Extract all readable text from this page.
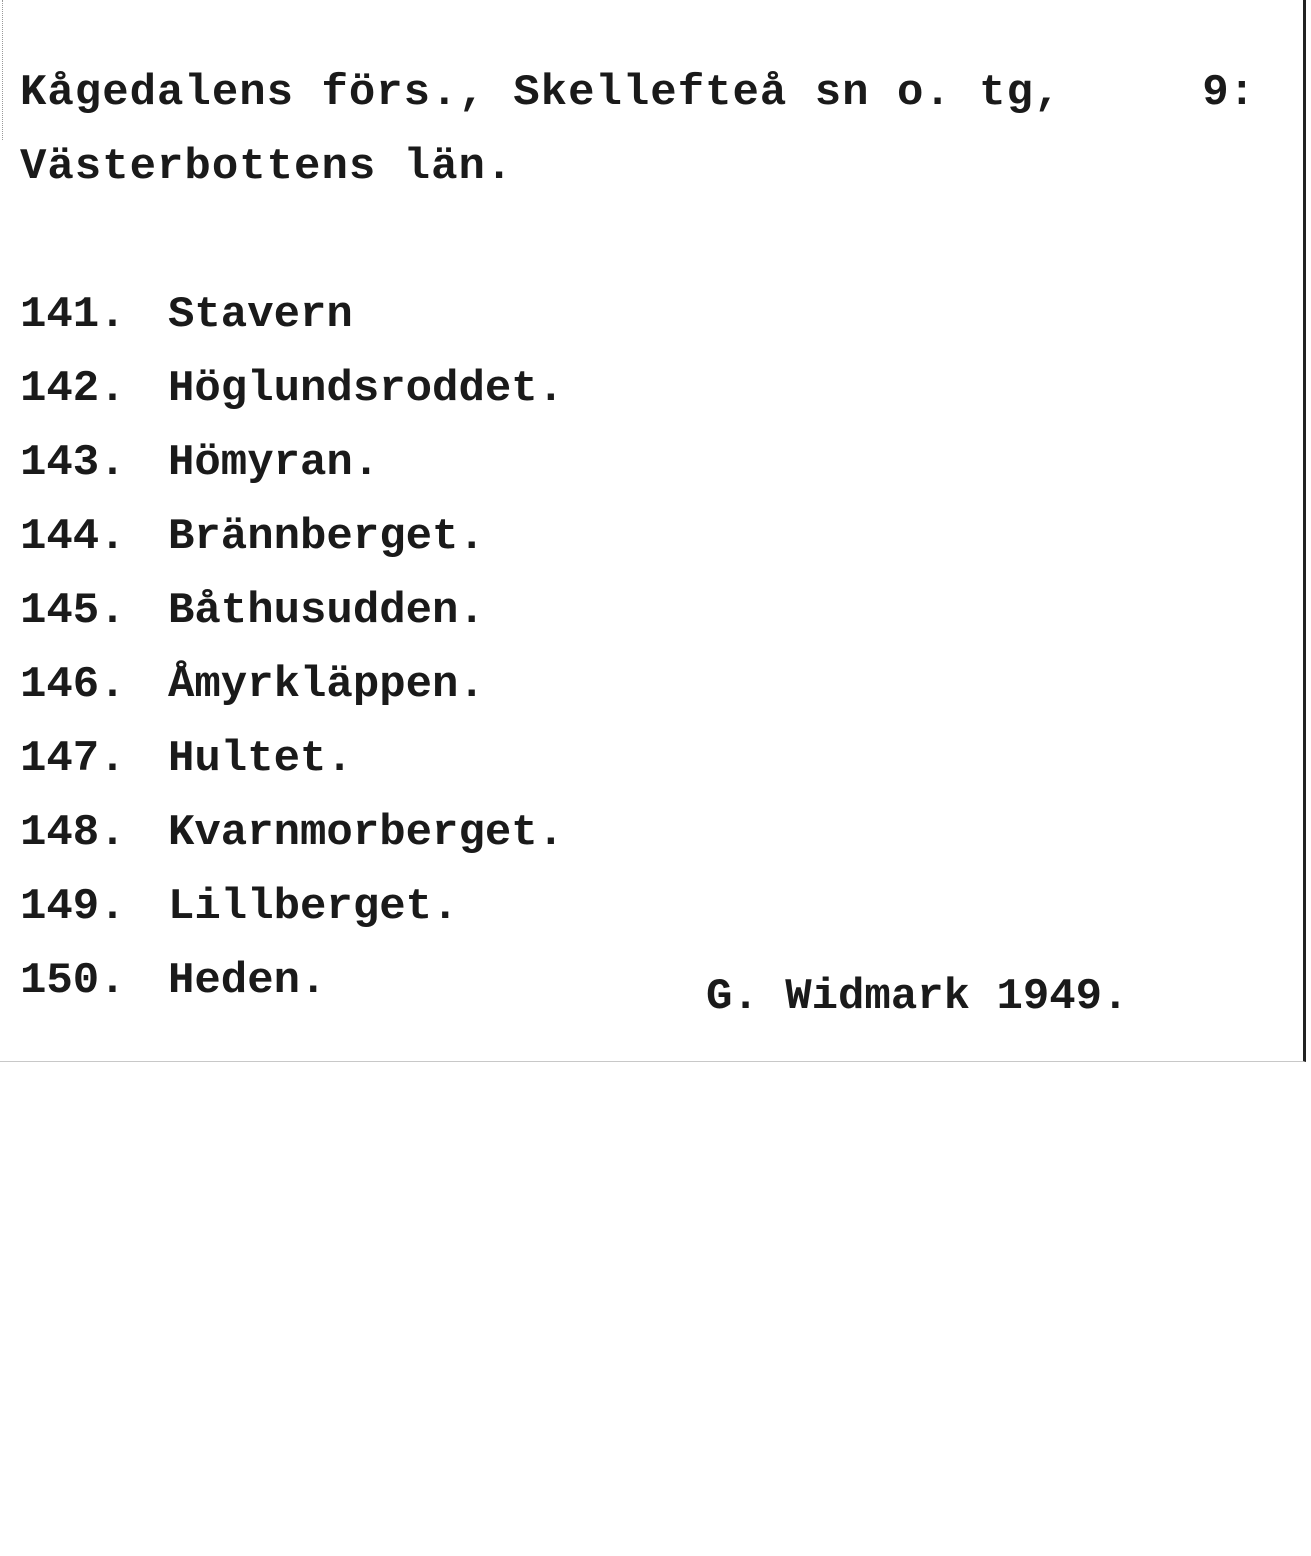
Kågedalens förs., Skellefteå sn o. tg,	9:
Västerbottens län.
141. Stavern
142. Höglundsroddet.
143. Hömyran.
144. Brännberget.
145. Båthusudden.
146. Åmyrkläppen.
147. Hultet.
148. Kvarnmorberget.
149. Lillberget.
150. Heden.	G. Widmark 1949.
